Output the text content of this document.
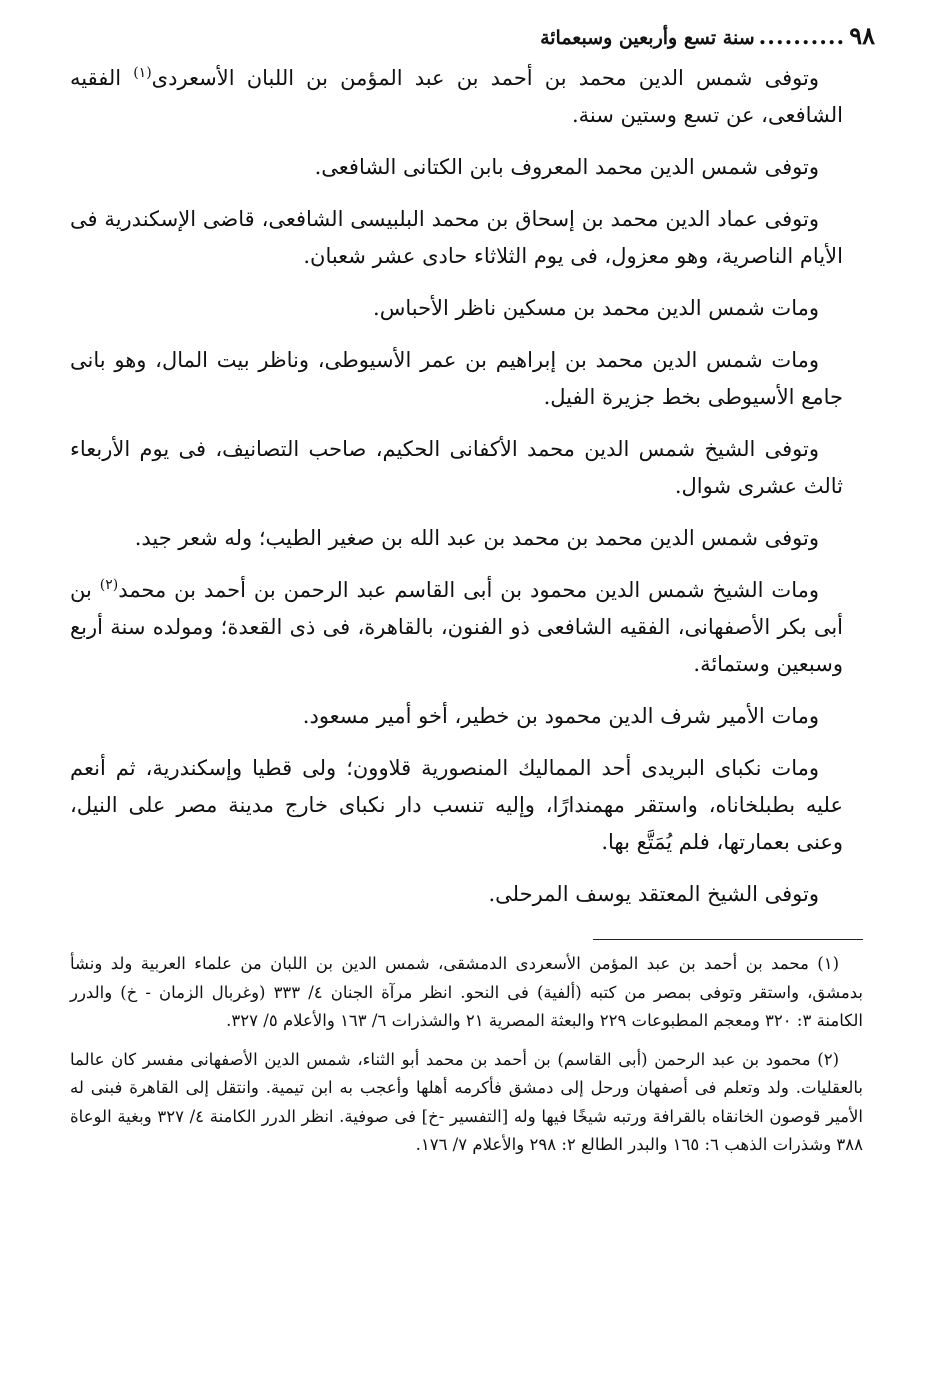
٩٨
..........
سنة تسع وأربعين وسبعمائة

وتوفى شمس الدين محمد بن أحمد بن عبد المؤمن بن اللبان الأسعردى$^{(١)}$ الفقيه الشافعى، عن تسع وستين سنة.

وتوفى شمس الدين محمد المعروف بابن الكتانى الشافعى.

وتوفى عماد الدين محمد بن إسحاق بن محمد البلبيسى الشافعى، قاضى الإسكندرية فى الأيام الناصرية، وهو معزول، فى يوم الثلاثاء حادى عشر شعبان.

ومات شمس الدين محمد بن مسكين ناظر الأحباس.

ومات شمس الدين محمد بن إبراهيم بن عمر الأسيوطى، وناظر بيت المال، وهو بانى جامع الأسيوطى بخط جزيرة الفيل.

وتوفى الشيخ شمس الدين محمد الأكفانى الحكيم، صاحب التصانيف، فى يوم الأربعاء ثالث عشرى شوال.

وتوفى شمس الدين محمد بن محمد بن عبد الله بن صغير الطيب؛ وله شعر جيد.

ومات الشيخ شمس الدين محمود بن أبى القاسم عبد الرحمن بن أحمد بن محمد$^{(٢)}$ بن أبى بكر الأصفهانى، الفقيه الشافعى ذو الفنون، بالقاهرة، فى ذى القعدة؛ ومولده سنة أربع وسبعين وستمائة.

ومات الأمير شرف الدين محمود بن خطير، أخو أمير مسعود.

ومات نكباى البريدى أحد المماليك المنصورية قلاوون؛ ولى قطيا وإسكندرية، ثم أنعم عليه بطبلخاناه، واستقر مهمندارًا، وإليه تنسب دار نكباى خارج مدينة مصر على النيل، وعنى بعمارتها، فلم يُمَتَّع بها.

وتوفى الشيخ المعتقد يوسف المرحلى.

(١) محمد بن أحمد بن عبد المؤمن الأسعردى الدمشقى، شمس الدين بن اللبان من علماء العربية ولد ونشأ بدمشق، واستقر وتوفى بمصر من كتبه (ألفية) فى النحو. انظر مرآة الجنان ٤/ ٣٣٣ (وغربال الزمان - خ) والدرر الكامنة ٣: ٣٢٠ ومعجم المطبوعات ٢٢٩ والبعثة المصرية ٢١ والشذرات ٦/ ١٦٣ والأعلام ٥/ ٣٢٧.

(٢) محمود بن عبد الرحمن (أبى القاسم) بن أحمد بن محمد أبو الثناء، شمس الدين الأصفهانى مفسر كان عالما بالعقليات. ولد وتعلم فى أصفهان ورحل إلى دمشق فأكرمه أهلها وأعجب به ابن تيمية. وانتقل إلى القاهرة فبنى له الأمير قوصون الخانقاه بالقرافة ورتبه شيخًا فيها وله [التفسير -خ] فى صوفية. انظر الدرر الكامنة ٤/ ٣٢٧ وبغية الوعاة ٣٨٨ وشذرات الذهب ٦: ١٦٥ والبدر الطالع ٢: ٢٩٨ والأعلام ٧/ ١٧٦.
